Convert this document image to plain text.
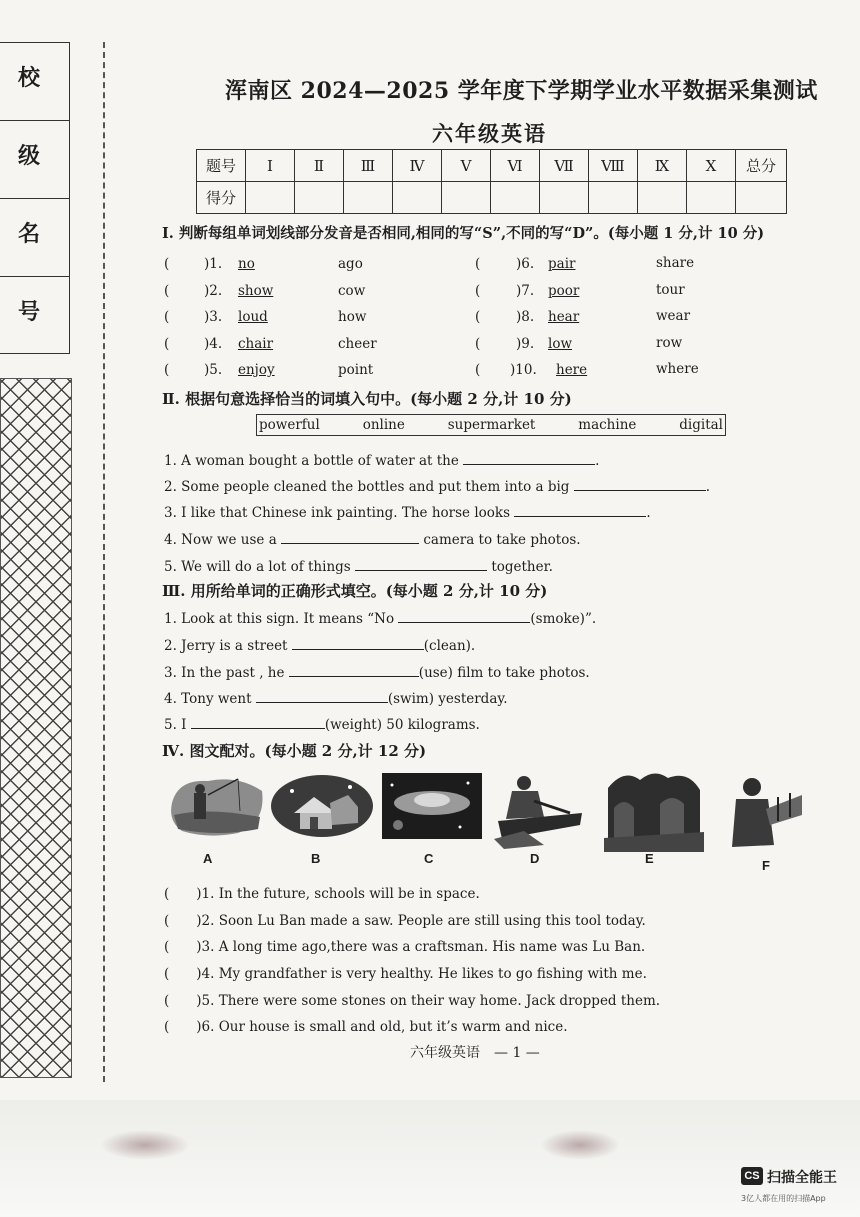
校
级
名
号
浑南区 2024—2025 学年度下学期学业水平数据采集测试
六年级英语
题号	Ⅰ	Ⅱ	Ⅲ	Ⅳ	Ⅴ	Ⅵ	Ⅶ	Ⅷ	Ⅸ	X	总分
得分											
Ⅰ. 判断每组单词划线部分发音是否相同,相同的写“S”,不同的写“D”。(每小题 1 分,计 10 分)
(	)1. no	ago
(	)2. show	cow
(	)3. loud	how
(	)4. chair	cheer
(	)5. enjoy	point
(	)6. pair	share
(	)7. poor	tour
(	)8. hear	wear
(	)9. low	row
( )10. here	where
Ⅱ. 根据句意选择恰当的词填入句中。(每小题 2 分,计 10 分)
powerful	online	supermarket	machine	digital
1. A woman bought a bottle of water at the	.
2. Some people cleaned the bottles and put them into a big	.
3. I like that Chinese ink painting. The horse looks	.
4. Now we use a	camera to take photos.
5. We will do a lot of things	together.
Ⅲ. 用所给单词的正确形式填空。(每小题 2 分,计 10 分)
1. Look at this sign. It means “No	(smoke)”.
2. Jerry is a street	(clean).
3. In the past , he	(use) film to take photos.
4. Tony went	(swim) yesterday.
5. I	(weight) 50 kilograms.
Ⅳ. 图文配对。(每小题 2 分,计 12 分)
A	B	C	D	E	F
(　　)1. In the future, schools will be in space.
(　　)2. Soon Lu Ban made a saw. People are still using this tool today.
(　　)3. A long time ago,there was a craftsman. His name was Lu Ban.
(　　)4. My grandfather is very healthy. He likes to go fishing with me.
(　　)5. There were some stones on their way home. Jack dropped them.
(　　)6. Our house is small and old, but it’s warm and nice.
六年级英语　— 1 —
CS 扫描全能王
3亿人都在用的扫描App
